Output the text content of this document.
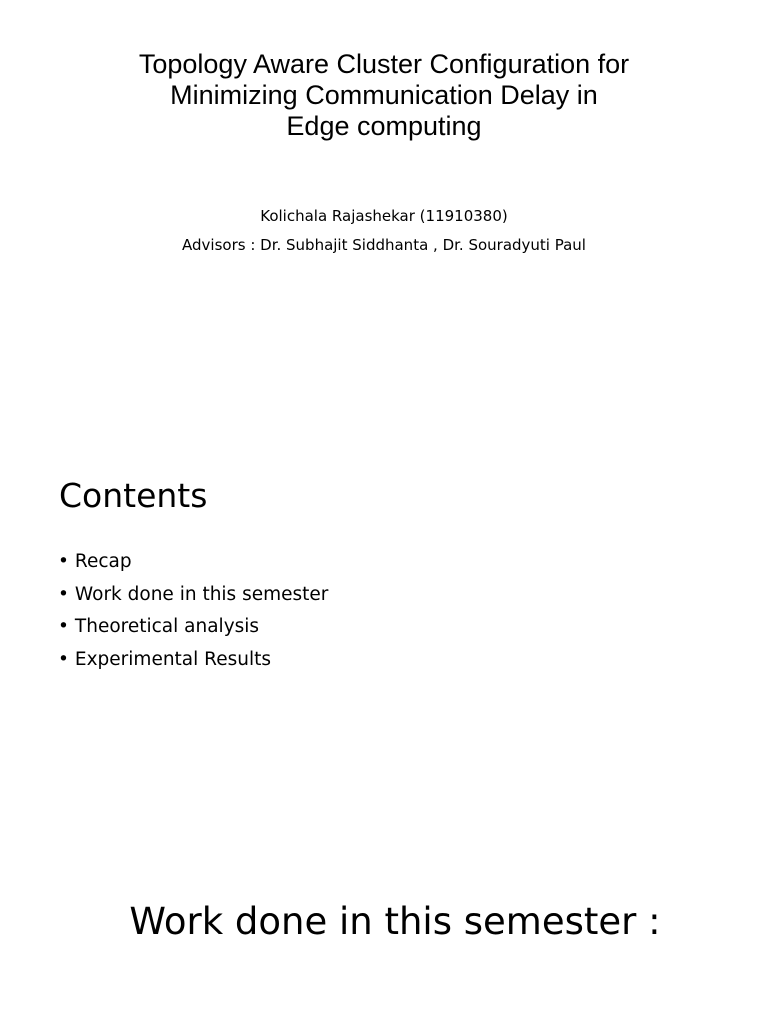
Topology Aware Cluster Configuration for
Minimizing Communication Delay in
Edge computing

Kolichala Rajashekar (11910380)

Advisors : Dr. Subhajit Siddhanta , Dr. Souradyuti Paul

Contents
• Recap
• Work done in this semester
• Theoretical analysis
• Experimental Results
Work done in this semester :
